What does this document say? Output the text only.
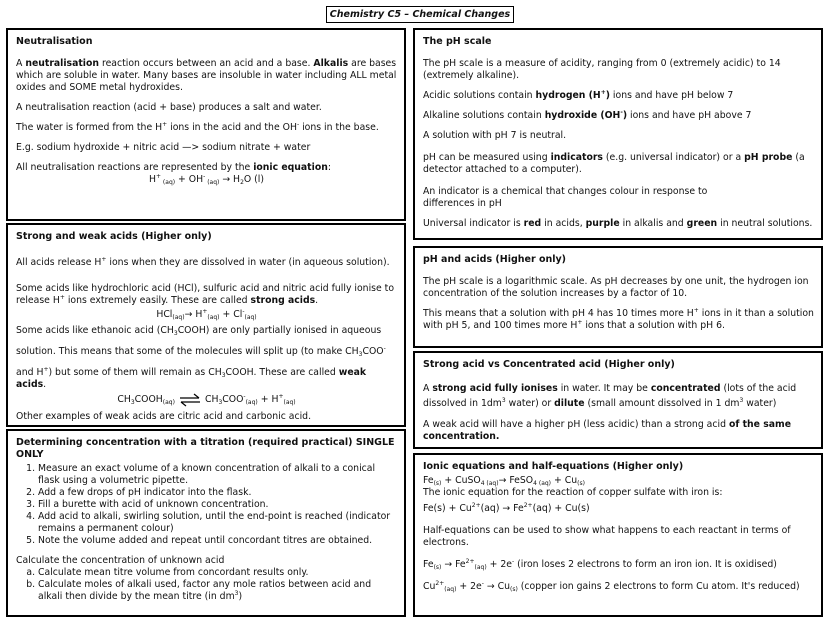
Chemistry C5 – Chemical Changes
Neutralisation

A neutralisation reaction occurs between an acid and a base. Alkalis are bases which are soluble in water. Many bases are insoluble in water including ALL metal oxides and SOME metal hydroxides.

A neutralisation reaction (acid + base) produces a salt and water.

The water is formed from the H+ ions in the acid and the OH- ions in the base.

E.g. sodium hydroxide + nitric acid —> sodium nitrate + water

All neutralisation reactions are represented by the ionic equation:

H+ $_{(aq)}$ + OH- $_{(aq)} \to H_2O$ (l)
Strong and weak acids (Higher only)

All acids release H+ ions when they are dissolved in water (in aqueous solution).

Some acids like hydrochloric acid (HCl), sulfuric acid and nitric acid fully ionise to release H+ ions extremely easily. These are called strong acids.

$HCl_{(aq)}\to H^+_{(aq)} + Cl^-_{(aq)}$

Some acids like ethanoic acid $(CH_3COOH)$ are only partially ionised in aqueous

solution. This means that some of the molecules will split up (to make $CH_3COO^-$

and H+) but some of them will remain as $CH_3COOH$. These are called weak acids.

$CH_3COOH_{(aq)}$ ⇌ $CH_3COO^-_{(aq)} + H^+_{(aq)}$

Other examples of weak acids are citric acid and carbonic acid.

Determining concentration with a titration (required practical) SINGLE ONLY
1. Measure an exact volume of a known concentration of alkali to a conical flask using a volumetric pipette.
2. Add a few drops of pH indicator into the flask.
3. Fill a burette with acid of unknown concentration.
4. Add acid to alkali, swirling solution, until the end-point is reached (indicator remains a permanent colour)
5. Note the volume added and repeat until concordant titres are obtained.
Calculate the concentration of unknown acid
a. Calculate mean titre volume from concordant results only.
b. Calculate moles of alkali used, factor any mole ratios between acid and alkali then divide by the mean titre (in $dm^3$)
The pH scale

The pH scale is a measure of acidity, ranging from 0 (extremely acidic) to 14 (extremely alkaline).

Acidic solutions contain hydrogen (H+) ions and have pH below 7

Alkaline solutions contain hydroxide (OH-) ions and have pH above 7

A solution with pH 7 is neutral.

pH can be measured using indicators (e.g. universal indicator) or a pH probe (a detector attached to a computer).

An indicator is a chemical that changes colour in response to differences in pH

Universal indicator is red in acids, purple in alkalis and green in neutral solutions.

pH and acids (Higher only)

The pH scale is a logarithmic scale. As pH decreases by one unit, the hydrogen ion concentration of the solution increases by a factor of 10.

This means that a solution with pH 4 has 10 times more H+ ions in it than a solution with pH 5, and 100 times more H+ ions that a solution with pH 6.

Strong acid vs Concentrated acid (Higher only)

A strong acid fully ionises in water. It may be concentrated (lots of the acid dissolved in $1dm^3$ water) or dilute (small amount dissolved in 1 $dm^3$ water)

A weak acid will have a higher pH (less acidic) than a strong acid of the same concentration.

Ionic equations and half-equations (Higher only)
$Fe_{(s)}$ + CuSO$_{4 (aq)}$→ FeSO$_{4 (aq)}$ + $Cu_{(s)}$
The ionic equation for the reaction of copper sulfate with iron is:

$Fe(s) + Cu^{2+}(aq) \to Fe^{2+}(aq) + Cu(s)$

Half-equations can be used to show what happens to each reactant in terms of electrons.

$Fe_{(s)} \to Fe^{2+}_{(aq)} + 2e^-$ (iron loses 2 electrons to form an iron ion. It is oxidised)

$Cu^{2+}_{(aq)} + 2e^- \to Cu_{(s)}$ (copper ion gains 2 electrons to form Cu atom. It's reduced)
